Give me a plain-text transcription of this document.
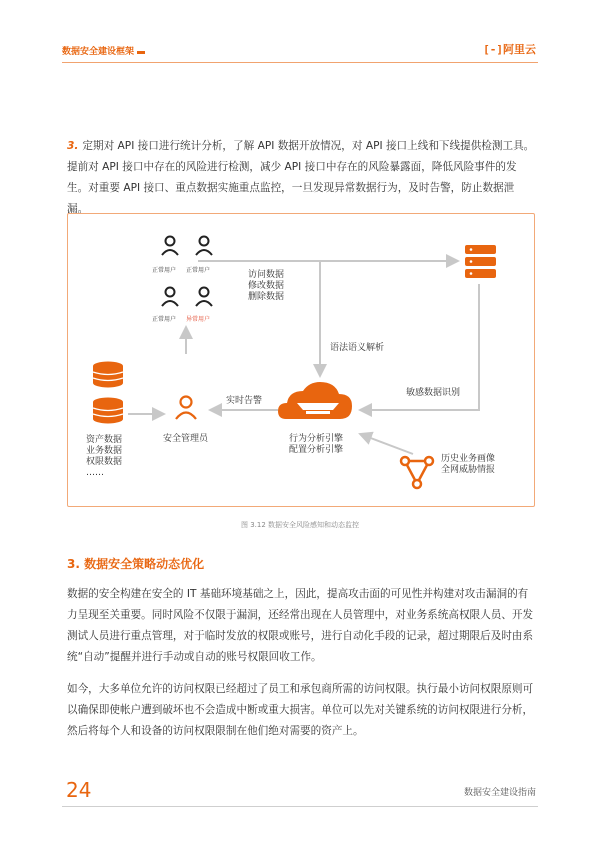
数据安全建设框架	[-]阿里云
3. 定期对 API 接口进行统计分析，了解 API 数据开放情况，对 API 接口上线和下线提供检测工具。提前对 API 接口中存在的风险进行检测，减少 API 接口中存在的风险暴露面，降低风险事件的发生。对重要 API 接口、重点数据实施重点监控，一旦发现异常数据行为，及时告警，防止数据泄漏。
正常用户 正常用户
正常用户 异常用户
访问数据
修改数据
删除数据
语法语义解析
敏感数据识别
实时告警
行为分析引擎
配置分析引擎
安全管理员
资产数据
业务数据
权限数据
……
历史业务画像
全网威胁情报
图 3.12 数据安全风险感知和动态监控
3. 数据安全策略动态优化
数据的安全构建在安全的 IT 基础环境基础之上，因此，提高攻击面的可见性并构建对攻击漏洞的有力呈现至关重要。同时风险不仅限于漏洞，还经常出现在人员管理中，对业务系统高权限人员、开发测试人员进行重点管理，对于临时发放的权限或账号，进行自动化手段的记录，超过期限后及时由系统“自动”提醒并进行手动或自动的账号权限回收工作。
如今，大多单位允许的访问权限已经超过了员工和承包商所需的访问权限。执行最小访问权限原则可以确保即使帐户遭到破坏也不会造成中断或重大损害。单位可以先对关键系统的访问权限进行分析，然后将每个人和设备的访问权限限制在他们绝对需要的资产上。
24	数据安全建设指南
